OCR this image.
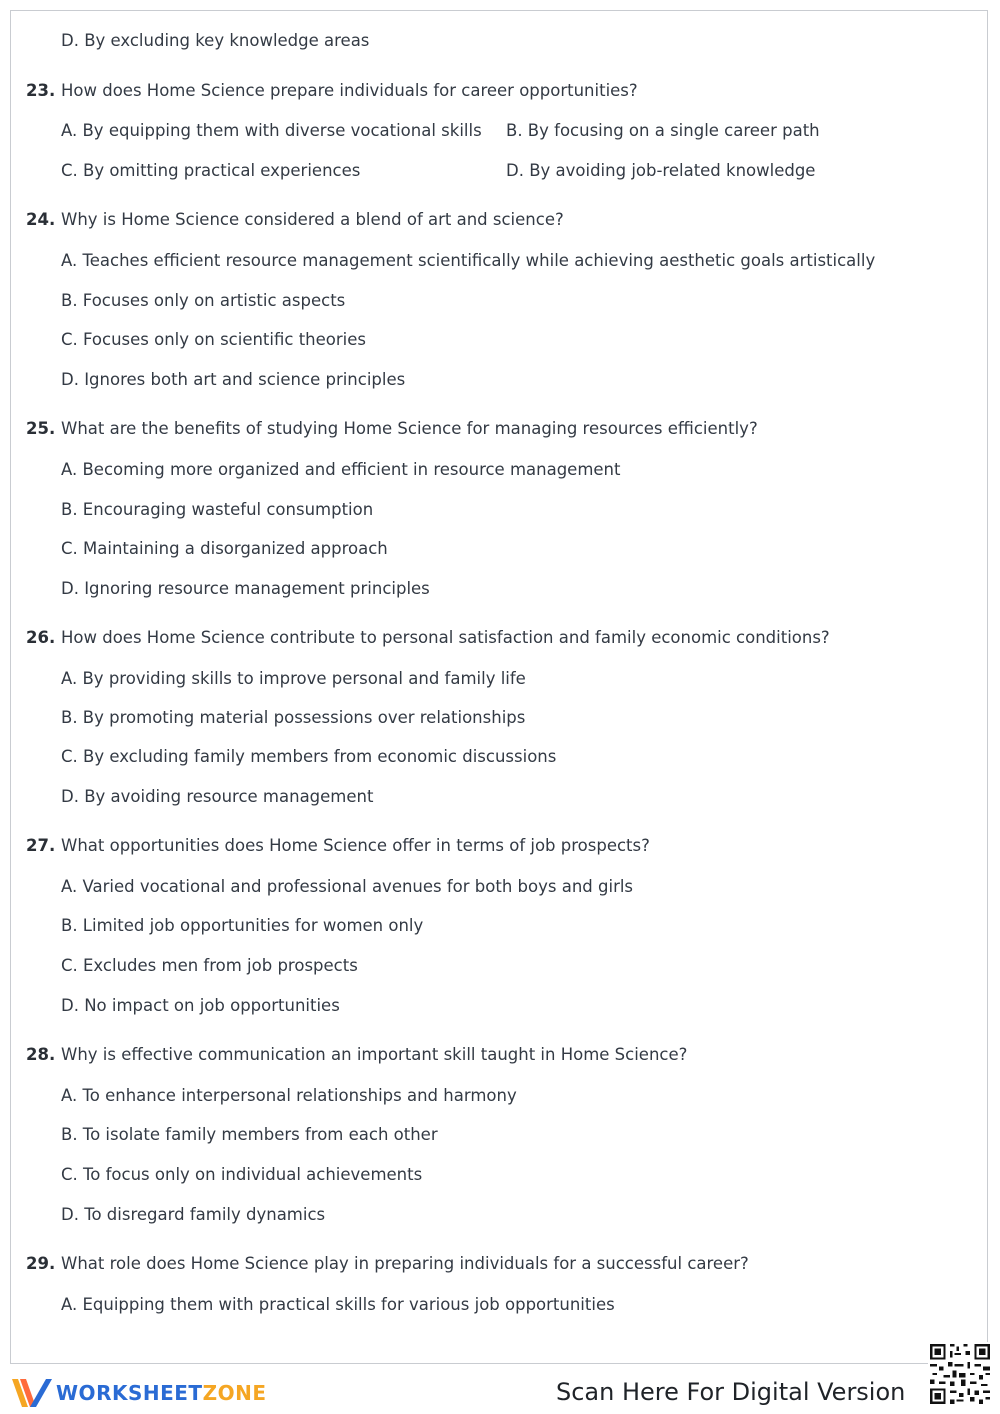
D. By excluding key knowledge areas
23. How does Home Science prepare individuals for career opportunities?
A. By equipping them with diverse vocational skills B. By focusing on a single career path
C. By omitting practical experiences	D. By avoiding job-related knowledge
24. Why is Home Science considered a blend of art and science?
A. Teaches efficient resource management scientifically while achieving aesthetic goals artistically
B. Focuses only on artistic aspects
C. Focuses only on scientific theories
D. Ignores both art and science principles
25. What are the benefits of studying Home Science for managing resources efficiently?
A. Becoming more organized and efficient in resource management
B. Encouraging wasteful consumption
C. Maintaining a disorganized approach
D. Ignoring resource management principles
26. How does Home Science contribute to personal satisfaction and family economic conditions?
A. By providing skills to improve personal and family life
B. By promoting material possessions over relationships
C. By excluding family members from economic discussions
D. By avoiding resource management
27. What opportunities does Home Science offer in terms of job prospects?
A. Varied vocational and professional avenues for both boys and girls
B. Limited job opportunities for women only
C. Excludes men from job prospects
D. No impact on job opportunities
28. Why is effective communication an important skill taught in Home Science?
A. To enhance interpersonal relationships and harmony
B. To isolate family members from each other
C. To focus only on individual achievements
D. To disregard family dynamics
29. What role does Home Science play in preparing individuals for a successful career?
A. Equipping them with practical skills for various job opportunities
WORKSHEETZONE	Scan Here For Digital Version
